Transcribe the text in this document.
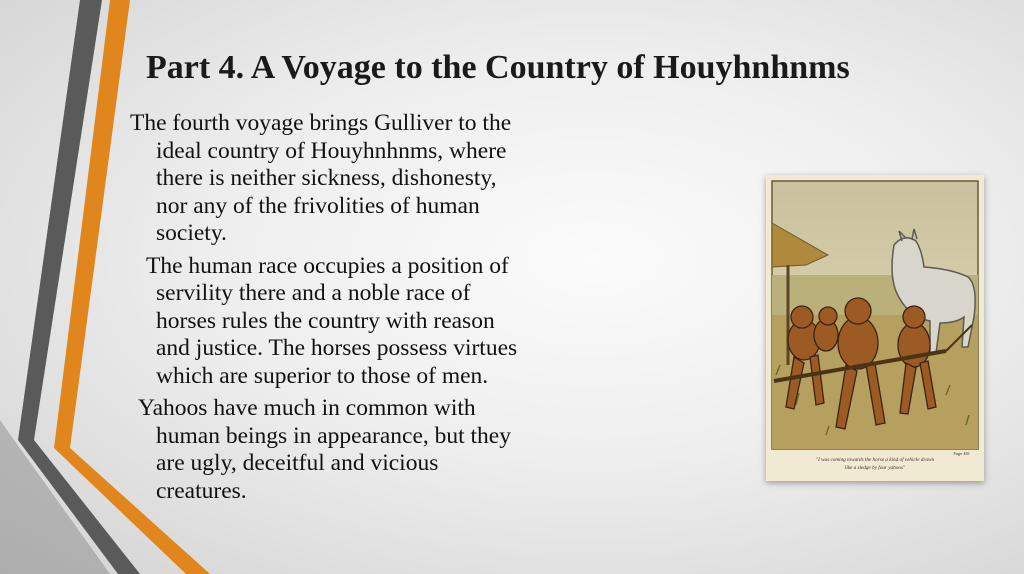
Part 4. A Voyage to the Country of Houyhnhnms
The fourth voyage brings Gulliver to the
ideal country of Houyhnhnms, where
there is neither sickness, dishonesty,
nor any of the frivolities of human
society.
The human race occupies a position of
servility there and a noble race of
horses rules the country with reason
and justice. The horses possess virtues
which are superior to those of men.
Yahoos have much in common with
human beings in appearance, but they
are ugly, deceitful and vicious
creatures.
"I was coming towards the horse a kind of vehicle drawn
like a sledge by four yahoos"
Page 481
